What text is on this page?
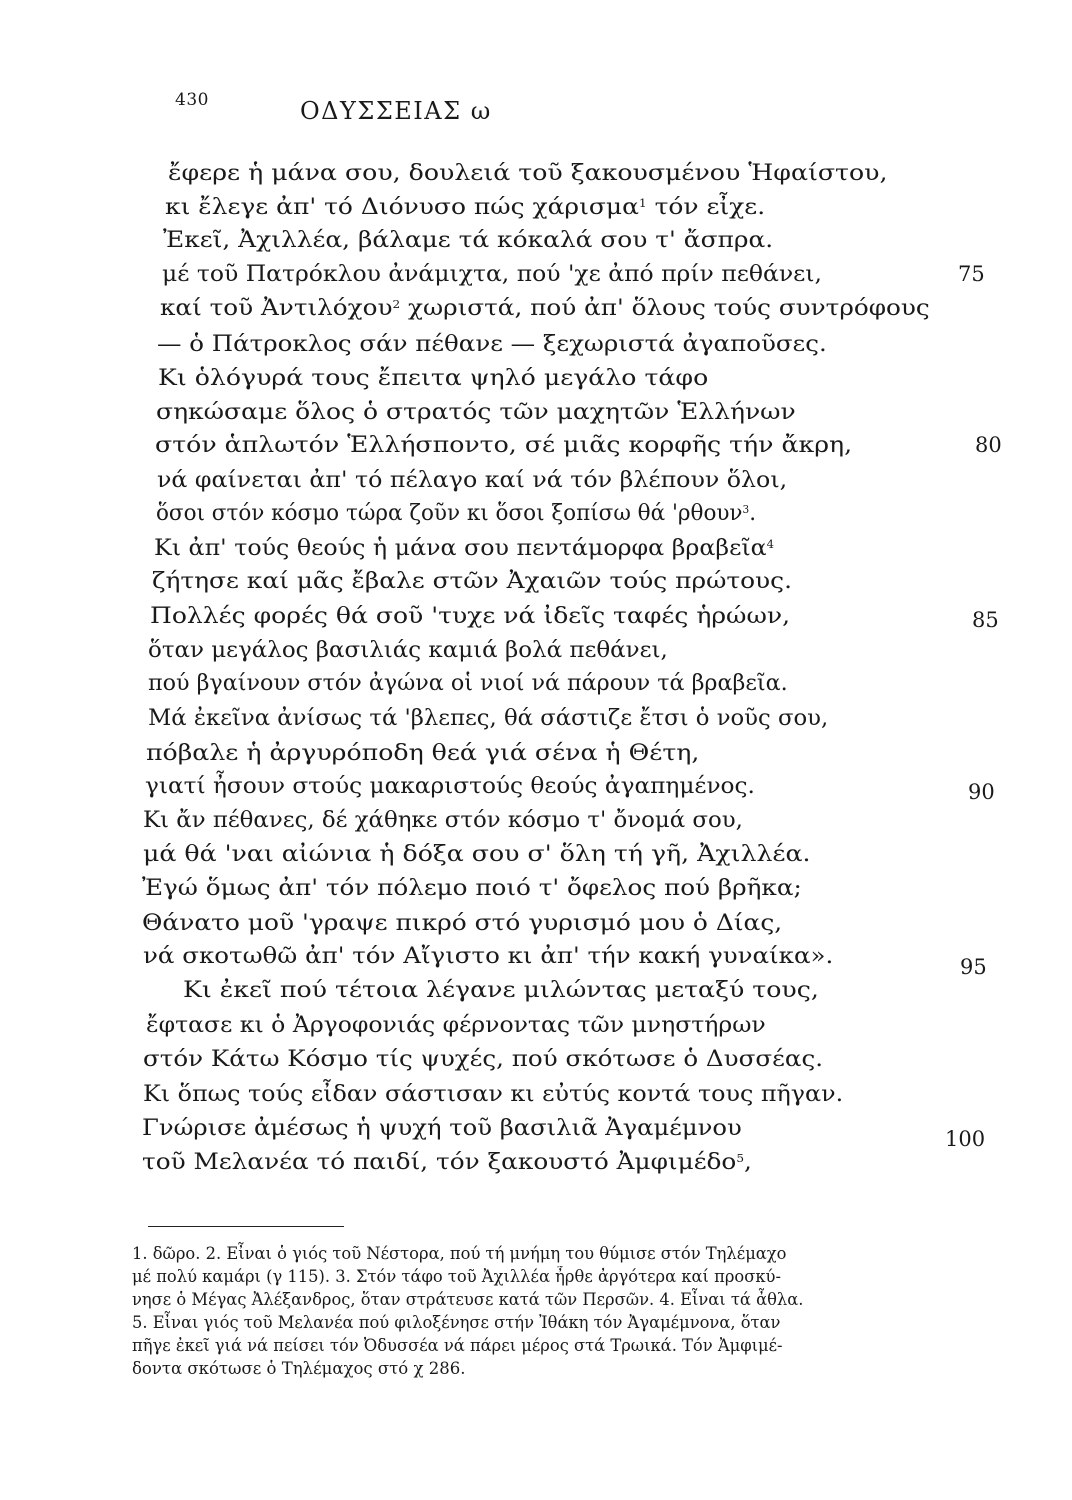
430	ΟΔΥΣΣΕΙΑΣ ω
ἔφερε ἡ μάνα σου, δουλειά τοῦ ξακουσμένου Ἡφαίστου,
κι ἔλεγε ἀπ' τό Διόνυσο πώς χάρισμα$^1$ τόν εἶχε.
Ἐκεῖ, Ἀχιλλέα, βάλαμε τά κόκαλά σου τ' ἄσπρα.
μέ τοῦ Πατρόκλου ἀνάμιχτα, πού 'χε ἀπό πρίν πεθάνει,
καί τοῦ Ἀντιλόχου$^2$ χωριστά, πού ἀπ' ὅλους τούς συντρόφους
— ὁ Πάτροκλος σάν πέθανε — ξεχωριστά ἀγαποῦσες.
Κι ὁλόγυρά τους ἔπειτα ψηλό μεγάλο τάφο
σηκώσαμε ὅλος ὁ στρατός τῶν μαχητῶν Ἑλλήνων
στόν ἁπλωτόν Ἑλλήσποντο, σέ μιᾶς κορφῆς τήν ἄκρη,
νά φαίνεται ἀπ' τό πέλαγο καί νά τόν βλέπουν ὅλοι,
ὅσοι στόν κόσμο τώρα ζοῦν κι ὅσοι ξοπίσω θά 'ρθουν$^3$.
Κι ἀπ' τούς θεούς ἡ μάνα σου πεντάμορφα βραβεῖα$^4$
ζήτησε καί μᾶς ἔβαλε στῶν Ἀχαιῶν τούς πρώτους.
Πολλές φορές θά σοῦ 'τυχε νά ἰδεῖς ταφές ἡρώων,
ὅταν μεγάλος βασιλιάς καμιά βολά πεθάνει,
πού βγαίνουν στόν ἀγώνα οἱ νιοί νά πάρουν τά βραβεῖα.
Μά ἐκεῖνα ἀνίσως τά 'βλεπες, θά σάστιζε ἔτσι ὁ νοῦς σου,
πόβαλε ἡ ἀργυρόποδη θεά γιά σένα ἡ Θέτη,
γιατί ἦσουν στούς μακαριστούς θεούς ἀγαπημένος.
Κι ἄν πέθανες, δέ χάθηκε στόν κόσμο τ' ὄνομά σου,
μά θά 'ναι αἰώνια ἡ δόξα σου σ' ὅλη τή γῆ, Ἀχιλλέα.
Ἐγώ ὅμως ἀπ' τόν πόλεμο ποιό τ' ὄφελος πού βρῆκα;
Θάνατο μοῦ 'γραψε πικρό στό γυρισμό μου ὁ Δίας,
νά σκοτωθῶ ἀπ' τόν Αἴγιστο κι ἀπ' τήν κακή γυναίκα».
Κι ἐκεῖ πού τέτοια λέγανε μιλώντας μεταξύ τους,
ἔφτασε κι ὁ Ἀργοφονιάς φέρνοντας τῶν μνηστήρων
στόν Κάτω Κόσμο τίς ψυχές, πού σκότωσε ὁ Δυσσέας.
Κι ὅπως τούς εἶδαν σάστισαν κι εὐτύς κοντά τους πῆγαν.
Γνώρισε ἀμέσως ἡ ψυχή τοῦ βασιλιᾶ Ἀγαμέμνου
τοῦ Μελανέα τό παιδί, τόν ξακουστό Ἀμφιμέδο$^5$,
75
80
85
90
95
100
1. δῶρο. 2. Εἶναι ὁ γιός τοῦ Νέστορα, πού τή μνήμη του θύμισε στόν Τηλέμαχο
μέ πολύ καμάρι (γ 115). 3. Στόν τάφο τοῦ Ἀχιλλέα ἦρθε ἀργότερα καί προσκύ-
νησε ὁ Μέγας Ἀλέξανδρος, ὅταν στράτευσε κατά τῶν Περσῶν. 4. Εἶναι τά ἆθλα.
5. Εἶναι γιός τοῦ Μελανέα πού φιλοξένησε στήν Ἰθάκη τόν Ἀγαμέμνονα, ὅταν
πῆγε ἐκεῖ γιά νά πείσει τόν Ὀδυσσέα νά πάρει μέρος στά Τρωικά. Τόν Ἀμφιμέ-
δοντα σκότωσε ὁ Τηλέμαχος στό χ 286.
